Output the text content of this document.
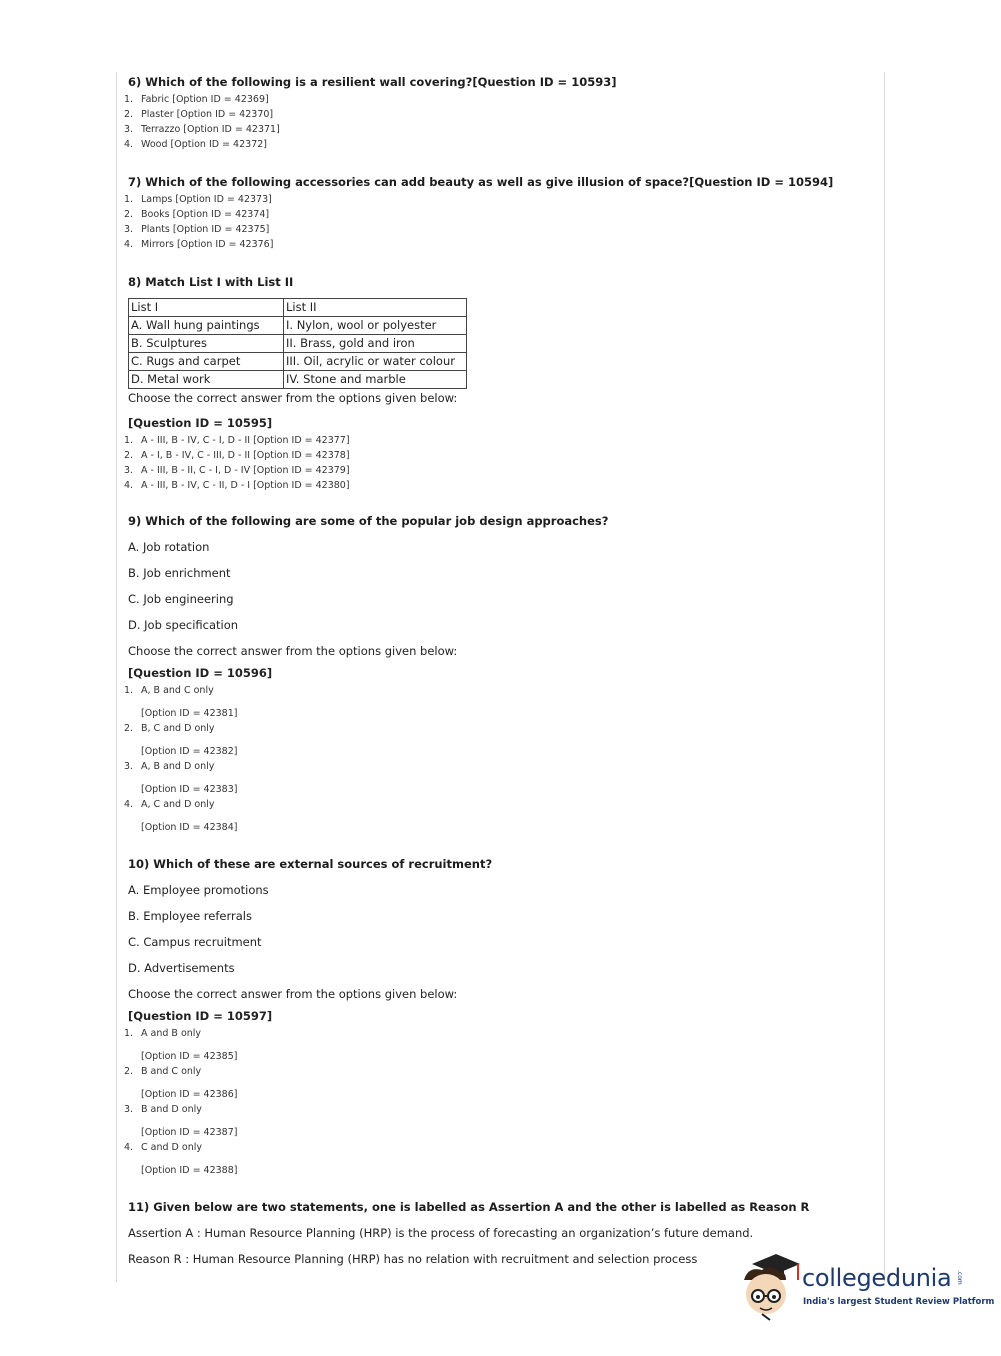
6) Which of the following is a resilient wall covering?[Question ID = 10593]

1. Fabric [Option ID = 42369]
2. Plaster [Option ID = 42370]
3. Terrazzo [Option ID = 42371]
4. Wood [Option ID = 42372]

7) Which of the following accessories can add beauty as well as give illusion of space?[Question ID = 10594]

1. Lamps [Option ID = 42373]
2. Books [Option ID = 42374]
3. Plants [Option ID = 42375]
4. Mirrors [Option ID = 42376]

8) Match List I with List II

List I	List II
A. Wall hung paintings	I. Nylon, wool or polyester
B. Sculptures	II. Brass, gold and iron
C. Rugs and carpet	III. Oil, acrylic or water colour
D. Metal work	IV. Stone and marble
Choose the correct answer from the options given below:
[Question ID = 10595]
1. A - III, B - IV, C - I, D - II [Option ID = 42377]
2. A - I, B - IV, C - III, D - II [Option ID = 42378]
3. A - III, B - II, C - I, D - IV [Option ID = 42379]
4. A - III, B - IV, C - II, D - I [Option ID = 42380]

9) Which of the following are some of the popular job design approaches?

A. Job rotation
B. Job enrichment
C. Job engineering
D. Job specification
Choose the correct answer from the options given below:
[Question ID = 10596]
1. A, B and C only
[Option ID = 42381]
2. B, C and D only
[Option ID = 42382]
3. A, B and D only
[Option ID = 42383]
4. A, C and D only
[Option ID = 42384]

10) Which of these are external sources of recruitment?

A. Employee promotions
B. Employee referrals
C. Campus recruitment
D. Advertisements
Choose the correct answer from the options given below:
[Question ID = 10597]
1. A and B only
[Option ID = 42385]
2. B and C only
[Option ID = 42386]
3. B and D only
[Option ID = 42387]
4. C and D only
[Option ID = 42388]

11) Given below are two statements, one is labelled as Assertion A and the other is labelled as Reason R

Assertion A : Human Resource Planning (HRP) is the process of forecasting an organization’s future demand.
Reason R : Human Resource Planning (HRP) has no relation with recruitment and selection process
collegedunia .com
India's largest Student Review Platform
